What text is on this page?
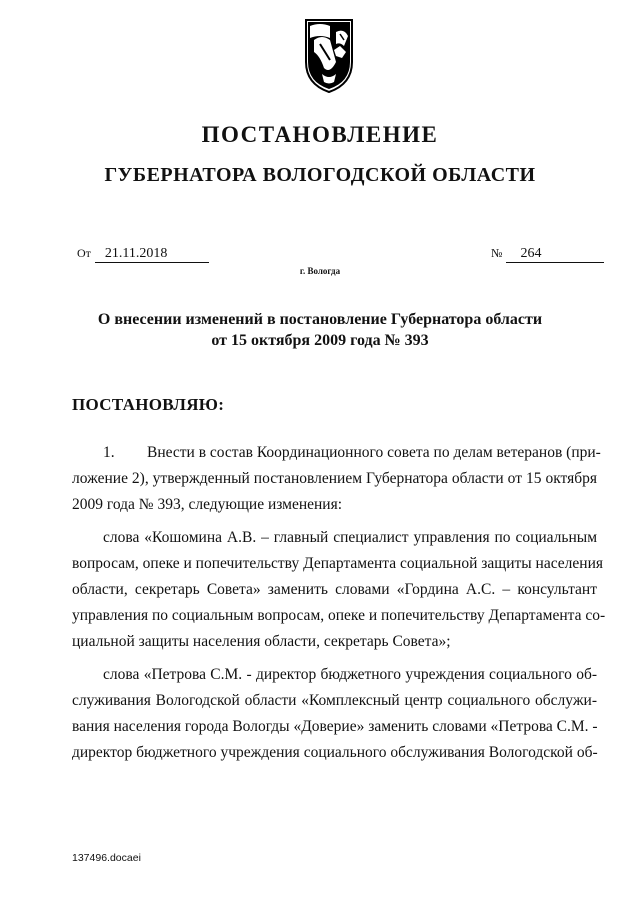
ПОСТАНОВЛЕНИЕ
ГУБЕРНАТОРА ВОЛОГОДСКОЙ ОБЛАСТИ
От 21.11.2018	№ 264
г. Вологда
О внесении изменений в постановление Губернатора области
от 15 октября 2009 года № 393
ПОСТАНОВЛЯЮ:
1. Внести в состав Координационного совета по делам ветеранов (при-
ложение 2), утвержденный постановлением Губернатора области от 15 октября
2009 года № 393, следующие изменения:
слова «Кошомина А.В. – главный специалист управления по социальным
вопросам, опеке и попечительству Департамента социальной защиты населения
области, секретарь Совета» заменить словами «Гордина А.С. – консультант
управления по социальным вопросам, опеке и попечительству Департамента со-
циальной защиты населения области, секретарь Совета»;
слова «Петрова С.М. - директор бюджетного учреждения социального об-
служивания Вологодской области «Комплексный центр социального обслужи-
вания населения города Вологды «Доверие» заменить словами «Петрова С.М. -
директор бюджетного учреждения социального обслуживания Вологодской об-
137496.docaei
